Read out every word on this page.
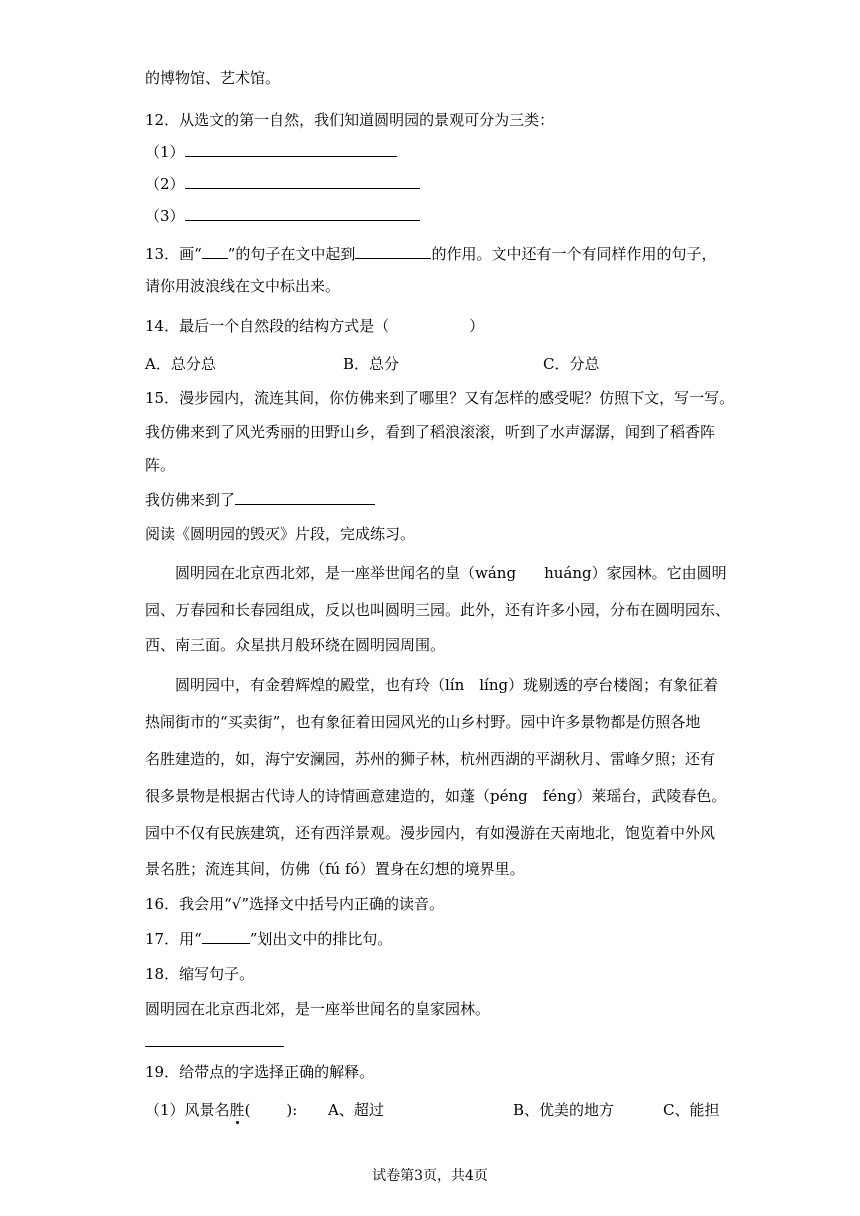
的博物馆、艺术馆。
12．从选文的第一自然，我们知道圆明园的景观可分为三类：
（1）
（2）
（3）
13．画“ ”的句子在文中起到	的作用。文中还有一个有同样作用的句子，
请你用波浪线在文中标出来。
14．最后一个自然段的结构方式是（	）
A．总分总	B．总分	C．分总
15．漫步园内，流连其间，你仿佛来到了哪里？又有怎样的感受呢？仿照下文，写一写。
我仿佛来到了风光秀丽的田野山乡，看到了稻浪滚滚，听到了水声潺潺，闻到了稻香阵
阵。
我仿佛来到了
阅读《圆明园的毁灭》片段，完成练习。
圆明园在北京西北郊，是一座举世闻名的皇（wáng huáng）家园林。它由圆明
园、万春园和长春园组成，反以也叫圆明三园。此外，还有许多小园，分布在圆明园东、
西、南三面。众星拱月般环绕在圆明园周围。
圆明园中，有金碧辉煌的殿堂，也有玲（lín　líng）珑剔透的亭台楼阁；有象征着
热闹街市的“买卖街”，也有象征着田园风光的山乡村野。园中许多景物都是仿照各地
名胜建造的，如，海宁安澜园，苏州的狮子林，杭州西湖的平湖秋月、雷峰夕照；还有
很多景物是根据古代诗人的诗情画意建造的，如蓬（péng　féng）莱瑶台，武陵春色。
园中不仅有民族建筑，还有西洋景观。漫步园内，有如漫游在天南地北，饱览着中外风
景名胜；流连其间，仿佛（fú fó）置身在幻想的境界里。
16．我会用“√”选择文中括号内正确的读音。
17．用“	”划出文中的排比句。
18．缩写句子。
圆明园在北京西北郊，是一座举世闻名的皇家园林。
19．给带点的字选择正确的解释。
（1）风景名胜( ): A、超过	B、优美的地方	C、能担
试卷第3页，共4页
